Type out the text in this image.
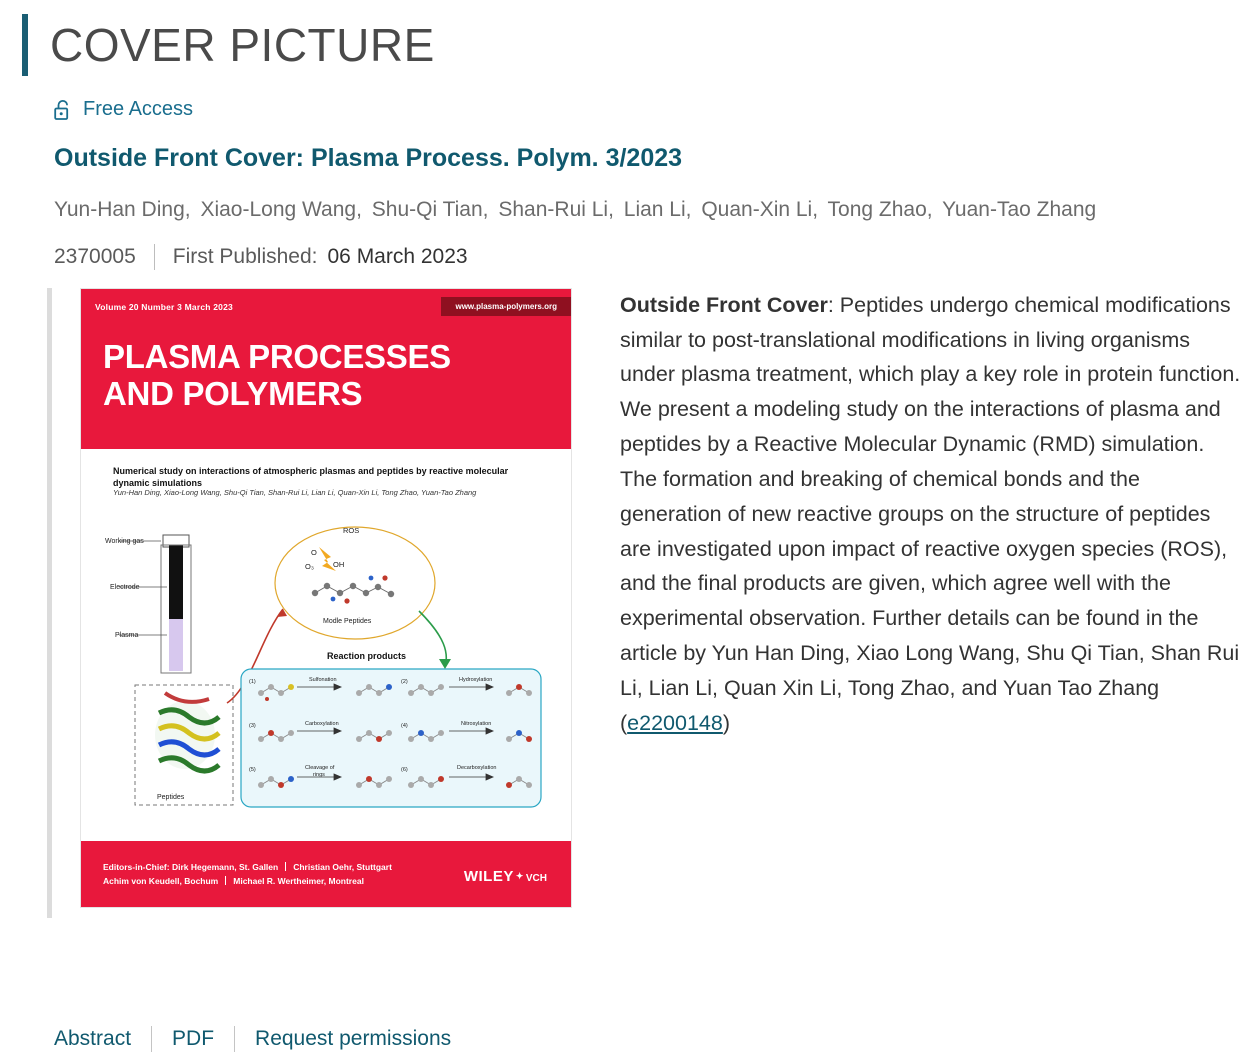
COVER PICTURE
Free Access
Outside Front Cover: Plasma Process. Polym. 3/2023
Yun-Han Ding, Xiao-Long Wang, Shu-Qi Tian, Shan-Rui Li, Lian Li, Quan-Xin Li, Tong Zhao, Yuan-Tao Zhang
2370005 First Published: 06 March 2023
Volume 20 Number 3 March 2023	www.plasma-polymers.org
PLASMA PROCESSES
AND POLYMERS
Numerical study on interactions of atmospheric plasmas and peptides by reactive molecular dynamic simulations
Yun-Han Ding, Xiao-Long Wang, Shu-Qi Tian, Shan-Rui Li, Lian Li, Quan-Xin Li, Tong Zhao, Yuan-Tao Zhang
Working gas
Electrode
Plasma
Peptides
ROS
O
O₃	OH
Modle Peptides
Reaction products
(1)	(2)
(3)	(4)
(5)	(6)
Sulfonation	Hydroxylation
Carboxylation	Nitrosylation
Cleavage of
rings
Decarboxylation
Editors-in-Chief: Dirk Hegemann, St. Gallen Christian Oehr, Stuttgart
Achim von Keudell, Bochum Michael R. Wertheimer, Montreal	WILEY ✦ VCH
Outside Front Cover: Peptides undergo chemical modifications similar to post-translational modifications in living organisms under plasma treatment, which play a key role in protein function. We present a modeling study on the interactions of plasma and peptides by a Reactive Molecular Dynamic (RMD) simulation. The formation and breaking of chemical bonds and the generation of new reactive groups on the structure of peptides are investigated upon impact of reactive oxygen species (ROS), and the final products are given, which agree well with the experimental observation. Further details can be found in the article by Yun Han Ding, Xiao Long Wang, Shu Qi Tian, Shan Rui Li, Lian Li, Quan Xin Li, Tong Zhao, and Yuan Tao Zhang (e2200148)
Abstract PDF Request permissions
